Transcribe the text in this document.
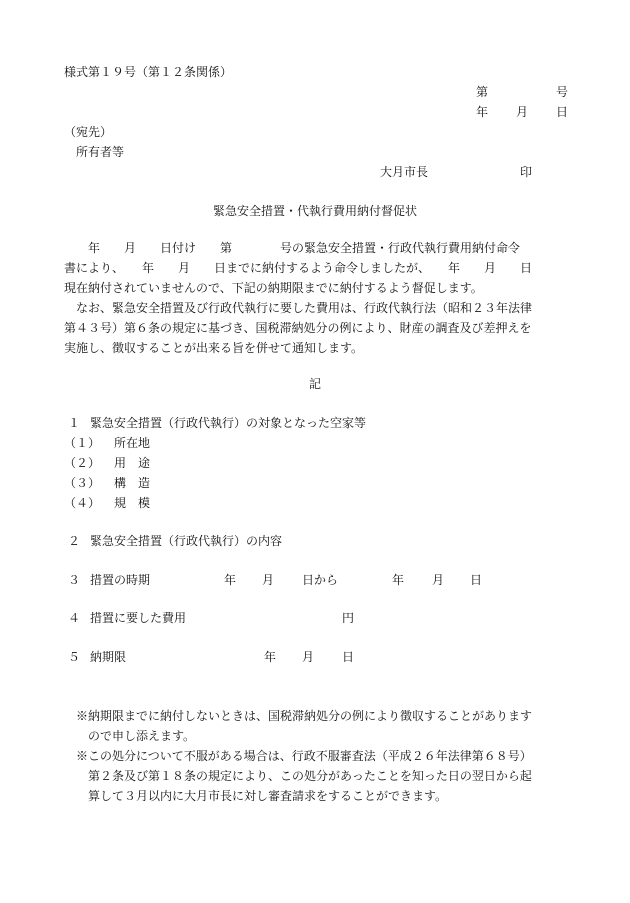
様式第１９号（第１２条関係）
第	号
年 月 日
（宛先）
所有者等
大月市長	印
緊急安全措置・代執行費用納付督促状
　　年　　月　　日付け　　第　　　　号の緊急安全措置・行政代執行費用納付命令
書により、　　年　　月　　日までに納付するよう命令しましたが、　　年　　月　　日
現在納付されていませんので、下記の納期限までに納付するよう督促します。
　なお、緊急安全措置及び行政代執行に要した費用は、行政代執行法（昭和２３年法律
第４３号）第６条の規定に基づき、国税滞納処分の例により、財産の調査及び差押えを
実施し、徴収することが出来る旨を併せて通知します。
記
１ 緊急安全措置（行政代執行）の対象となった空家等
（１） 所在地
（２） 用　途
（３） 構　造
（４） 規　模
２ 緊急安全措置（行政代執行）の内容
３ 措置の時期	年 月 日から	年 月 日
４ 措置に要した費用	円
５ 納期限	年 月 日
※納期限までに納付しないときは、国税滞納処分の例により徴収することがあります
ので申し添えます。
※この処分について不服がある場合は、行政不服審査法（平成２６年法律第６８号）
第２条及び第１８条の規定により、この処分があったことを知った日の翌日から起
算して３月以内に大月市長に対し審査請求をすることができます。
